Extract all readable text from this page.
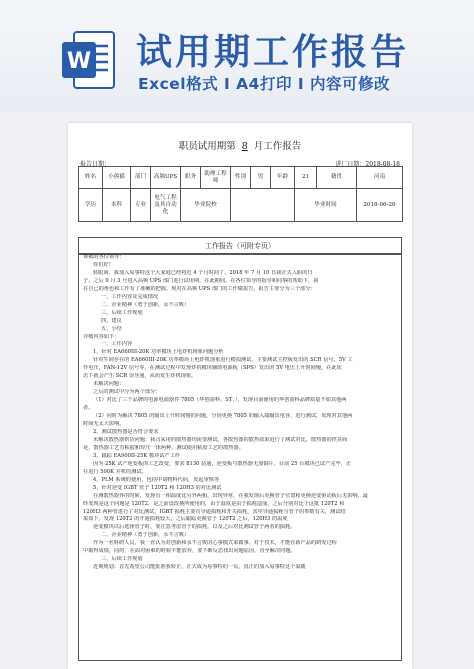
W 试用期工作报告
Excel格式 I A4打印 I 内容可修改
职员试用期第 8 月工作报告
报告日期：	进厂日期：2018-08-18
姓名	小熊猫	部门	高频UPS	职务	助理工程师	性别	男	年龄	21	籍贯	河南
学历	本科	专业	电气工程及其自动化	毕业院校					毕业时间		2018-06-26
工作报告（可附专页）

尊敬的各位领导：

你们好！

转眼间，我加入易事特这个大家庭已经将近 4 个月时间了，2018 年 7 月 10 日我正式入职的日

子，之后 9 月 3 号进入高频 UPS 部门进行试用期，在此期间，在各位领导的指导和同事的帮助下，我

在自己的角色和工作有了准确的把握。现对在高频 UPS 部门的工作做报告，报告主要分为三个部分：

一、工作内容及完成情况

二、企业精神（勇于创新，永不言败）

三、后续工作规划

四、建议

五、小结

详细内容如下：

一、工作内容

1、针对 EA660III-20K 功率模块上电炸机现象问题分析

针对生间存在的 EA660III-20K 功率模块上电炸机现象进行模拟测试，主要测试主控板发出的 SCR 信号，5V 工

作电压，FAN-12V 信号等，在测试过程中发现炸机模块辅助电源板（SPS）发出的 5V 电压上升时间慢，在此状

态下就会产生 SCR 误导通，从而发生炸机现象。

未解决问题：

之后的测试中分为两个部分：

（1）对比了三个品牌的电源电源器件 7805（华创盈科、ST、），发现目前使用的华创盈科品牌质量不如其他两

者。

（2）同时为解决 7805 的输出上升时间慢的问题，分别更换 7805 的输入端输出电容，进行测试，发现对其他两

时间无太大影响。

2、测试散热器是否符合要求

未解决散热器供货问题：我司采用的散热器均需要测试，各散热器的散热效果进行了测试对比，散热器的供货商

是，散热器工艺有粘胶和焊压一体两种，测试使用粘胶工艺的散热器。

3、跟踪 EA900II-25K 模块试产工作

因为 25K 试产逆变板的工艺改变，要求 8130 装通，逆变板与散热器无加铜片，目前 25 台模块已试产完毕，正

在进行 500K 并机的测试。

4、PLM 系统的使用，包括申请物料代码，发起审核等

5、针对逆变 IGBT 管子 120T2 和 120H3 的对比测试

在测散热器外的时候，发现有一相温度比另外两相，出现异常，在我发现后更换管子位置和更换逆变驱动板后无影响，最

终发现是这个问题是 120T2，是之前设改换所使用的，由于温度是由于损耗造成，之后分别对比于这批 120T2 和

120H3 两种管进行了对比测试，IGBT 损耗主要有导通损耗和开关损耗，其中导通损耗与管子的参数有关，测试结

果如下，发现 120T2 的开通损耗较大，之后跟踪更换管子 120T2 之后，120H3 的温度

逆变模块以后选择管子时，要注意考虑管子的损耗，以及之后对比测试管子两者的损耗。

二、企业精神（勇于创新，永不言败）

作为一名科研人员，我一直认为对创新和永不言败的心事模式来做事。对于技术，才能在新产品的研发过程

中取得成绩，同时，在面对困难的时候不能放弃，要不断反思找出问题原因，直至解决问题。

三、后续工作规划

近期规划：首先希望公司能批准我转正，正式成为易事特的一员，真正的加入易事特这个温暖
